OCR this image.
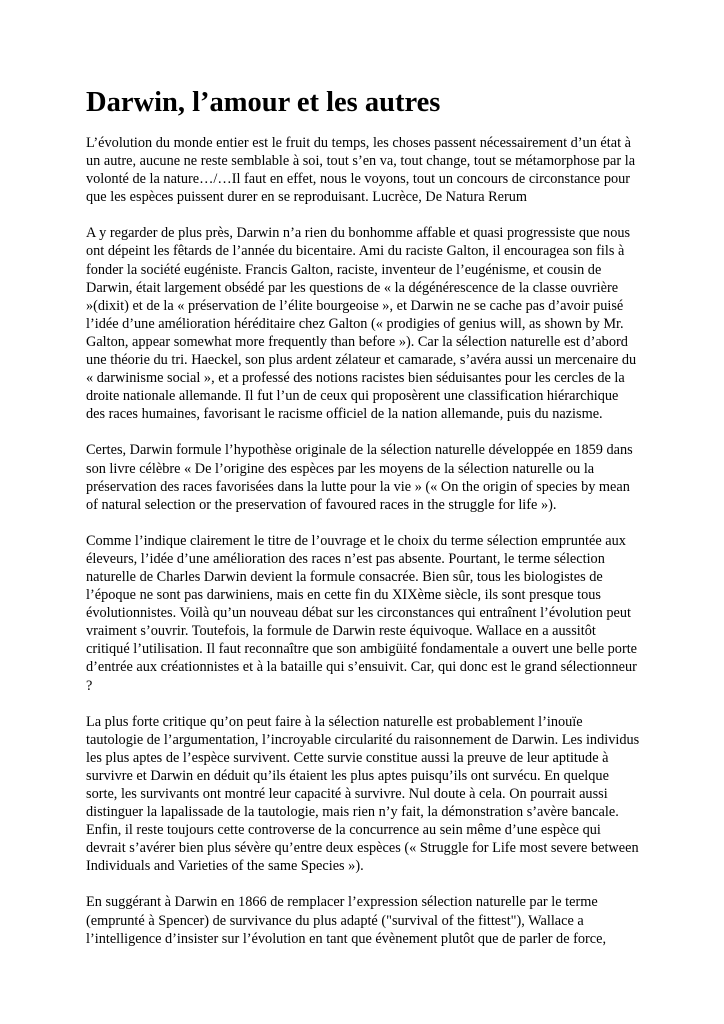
Darwin, l’amour et les autres

L’évolution du monde entier est le fruit du temps, les choses passent nécessairement d’un état à un autre, aucune ne reste semblable à soi, tout s’en va, tout change, tout se métamorphose par la volonté de la nature…/…Il faut en effet, nous le voyons, tout un concours de circonstance pour que les espèces puissent durer en se reproduisant. Lucrèce, De Natura Rerum

A y regarder de plus près, Darwin n’a rien du bonhomme affable et quasi progressiste que nous ont dépeint les fêtards de l’année du bicentaire. Ami du raciste Galton, il encouragea son fils à fonder la société eugéniste. Francis Galton, raciste, inventeur de l’eugénisme, et cousin de Darwin, était largement obsédé par les questions de « la dégénérescence de la classe ouvrière »(dixit) et de la « préservation de l’élite bourgeoise », et Darwin ne se cache pas d’avoir puisé l’idée d’une amélioration héréditaire chez Galton (« prodigies of genius will, as shown by Mr. Galton, appear somewhat more frequently than before »). Car la sélection naturelle est d’abord une théorie du tri. Haeckel, son plus ardent zélateur et camarade, s’avéra aussi un mercenaire du « darwinisme social », et a professé des notions racistes bien séduisantes pour les cercles de la droite nationale allemande. Il fut l’un de ceux qui proposèrent une classification hiérarchique des races humaines, favorisant le racisme officiel de la nation allemande, puis du nazisme.

Certes, Darwin formule l’hypothèse originale de la sélection naturelle développée en 1859 dans son livre célèbre « De l’origine des espèces par les moyens de la sélection naturelle ou la préservation des races favorisées dans la lutte pour la vie » (« On the origin of species by mean of natural selection or the preservation of favoured races in the struggle for life »).

Comme l’indique clairement le titre de l’ouvrage et le choix du terme sélection empruntée aux éleveurs, l’idée d’une amélioration des races n’est pas absente. Pourtant, le terme sélection naturelle de Charles Darwin devient la formule consacrée. Bien sûr, tous les biologistes de l’époque ne sont pas darwiniens, mais en cette fin du XIXème siècle, ils sont presque tous évolutionnistes. Voilà qu’un nouveau débat sur les circonstances qui entraînent l’évolution peut vraiment s’ouvrir. Toutefois, la formule de Darwin reste équivoque. Wallace en a aussitôt critiqué l’utilisation. Il faut reconnaître que son ambigüité fondamentale a ouvert une belle porte d’entrée aux créationnistes et à la bataille qui s’ensuivit. Car, qui donc est le grand sélectionneur ?

La plus forte critique qu’on peut faire à la sélection naturelle est probablement l’inouïe tautologie de l’argumentation, l’incroyable circularité du raisonnement de Darwin. Les individus les plus aptes de l’espèce survivent. Cette survie constitue aussi la preuve de leur aptitude à survivre et Darwin en déduit qu’ils étaient les plus aptes puisqu’ils ont survécu. En quelque sorte, les survivants ont montré leur capacité à survivre. Nul doute à cela. On pourrait aussi distinguer la lapalissade de la tautologie, mais rien n’y fait, la démonstration s’avère bancale. Enfin, il reste toujours cette controverse de la concurrence au sein même d’une espèce qui devrait s’avérer bien plus sévère qu’entre deux espèces (« Struggle for Life most severe between Individuals and Varieties of the same Species »).

En suggérant à Darwin en 1866 de remplacer l’expression sélection naturelle par le terme (emprunté à Spencer) de survivance du plus adapté ("survival of the fittest"), Wallace a l’intelligence d’insister sur l’évolution en tant que évènement plutôt que de parler de force,
